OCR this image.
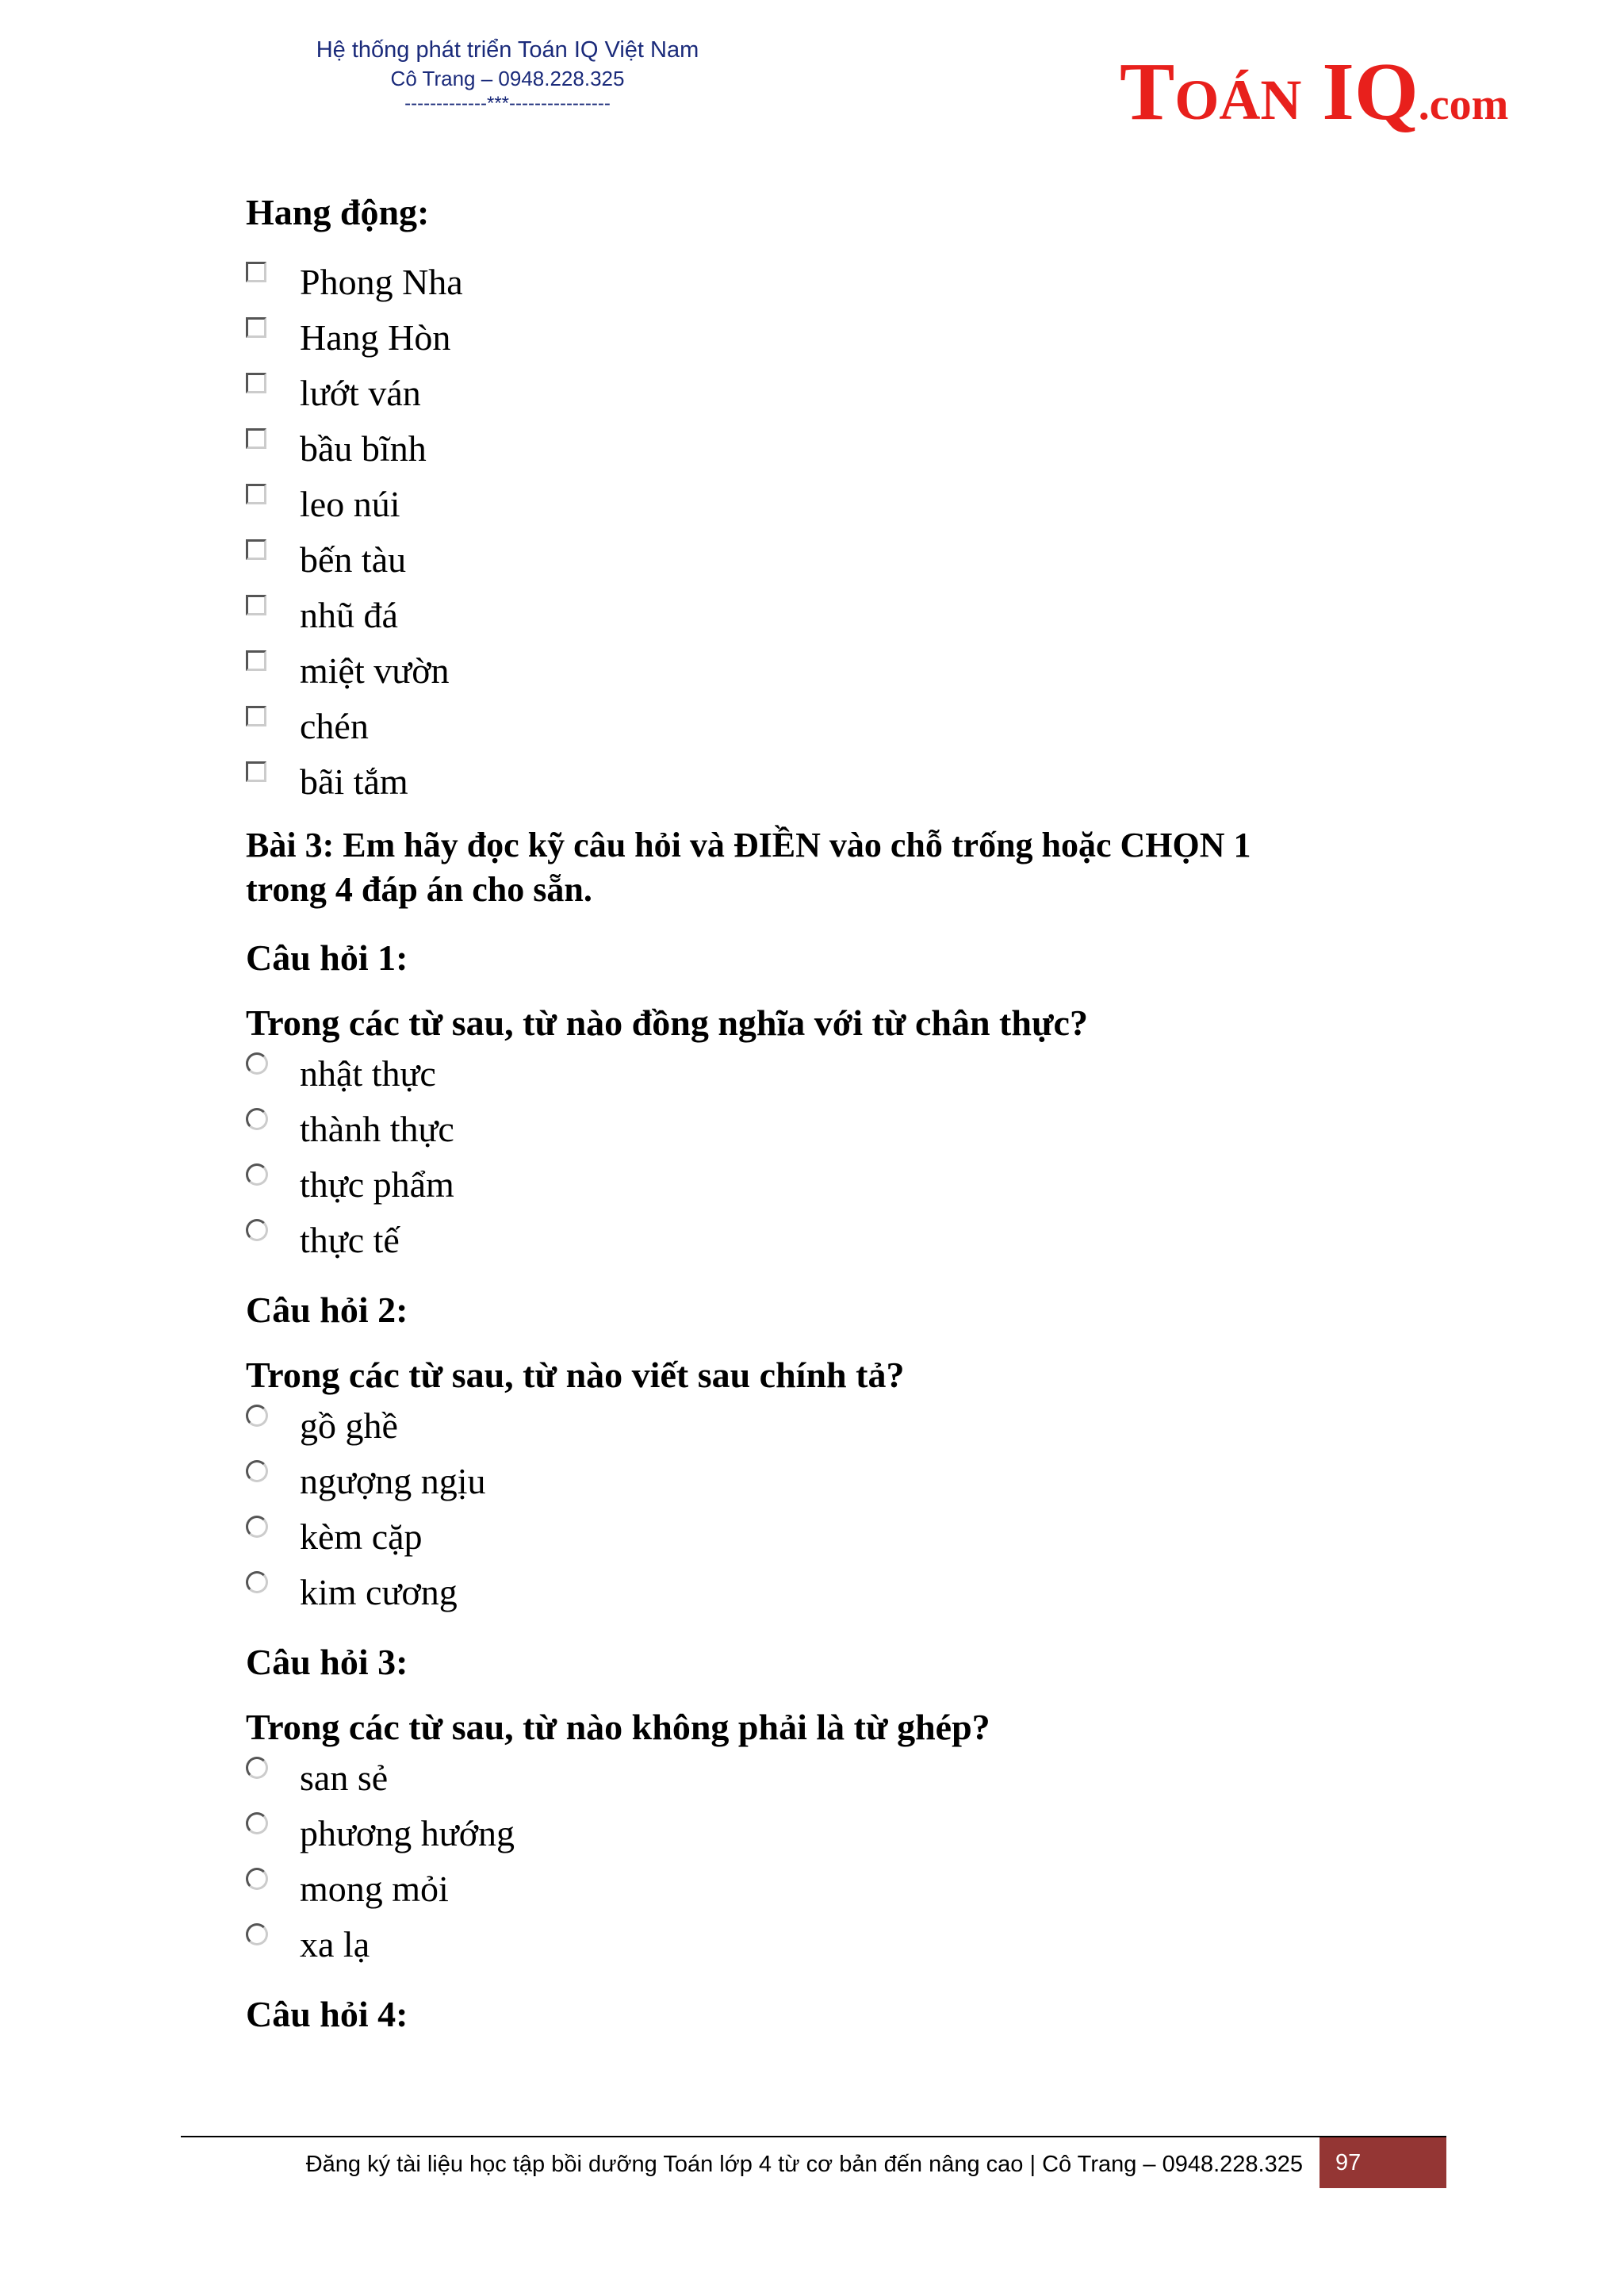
Hệ thống phát triển Toán IQ Việt Nam
Cô Trang – 0948.228.325
-------------***----------------	TOÁN IQ.com
Hang động:
Phong Nha
Hang Hòn
lướt ván
bầu bĩnh
leo núi
bến tàu
nhũ đá
miệt vườn
chén
bãi tắm

Bài 3: Em hãy đọc kỹ câu hỏi và ĐIỀN vào chỗ trống hoặc CHỌN 1

trong 4 đáp án cho sẵn.

Câu hỏi 1:
Trong các từ sau, từ nào đồng nghĩa với từ chân thực?
nhật thực
thành thực
thực phẩm
thực tế
Câu hỏi 2:
Trong các từ sau, từ nào viết sau chính tả?
gồ ghề
ngượng ngịu
kèm cặp
kim cương
Câu hỏi 3:
Trong các từ sau, từ nào không phải là từ ghép?
san sẻ
phương hướng
mong mỏi
xa lạ
Câu hỏi 4:
Đăng ký tài liệu học tập bồi dưỡng Toán lớp 4 từ cơ bản đến nâng cao | Cô Trang – 0948.228.325	97
